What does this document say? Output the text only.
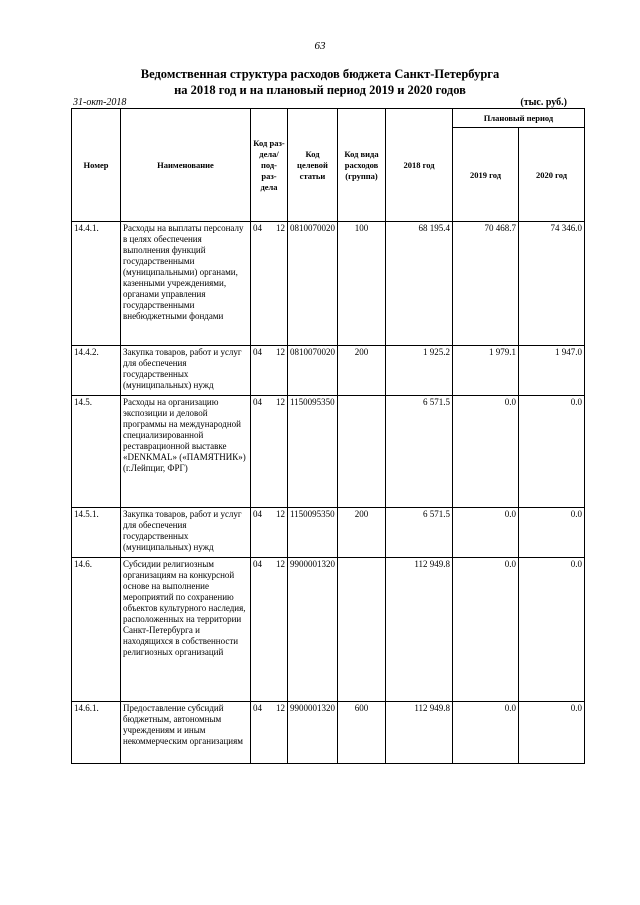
63
Ведомственная структура расходов бюджета Санкт-Петербурга
на 2018 год и на плановый период 2019 и 2020 годов
31-окт-2018	(тыс. руб.)
Номер	Наименование	Код раз- дела/ под- раз- дела	Код целевой статьи	Код вида расходов (группа)	2018 год	Плановый период	
						2019 год	2020 год
14.4.1.	Расходы на выплаты персоналу в целях обеспечения выполнения функций государственными (муниципальными) органами, казенными учреждениями, органами управления государственными внебюджетными фондами	04 12	0810070020	100	68 195.4	70 468.7	74 346.0
14.4.2.	Закупка товаров, работ и услуг для обеспечения государственных (муниципальных) нужд	04 12	0810070020	200	1 925.2	1 979.1	1 947.0
14.5.	Расходы на организацию экспозиции и деловой программы на международной специализированной реставрационной выставке «DENKMAL» («ПАМЯТНИК») (г.Лейпциг, ФРГ)	04 12	1150095350		6 571.5	0.0	0.0
14.5.1.	Закупка товаров, работ и услуг для обеспечения государственных (муниципальных) нужд	04 12	1150095350	200	6 571.5	0.0	0.0
14.6.	Субсидии религиозным организациям на конкурсной основе на выполнение мероприятий по сохранению объектов культурного наследия, расположенных на территории Санкт-Петербурга и находящихся в собственности религиозных организаций	04 12	9900001320		112 949.8	0.0	0.0
14.6.1.	Предоставление субсидий бюджетным, автономным учреждениям и иным некоммерческим организациям	04 12	9900001320	600	112 949.8	0.0	0.0
